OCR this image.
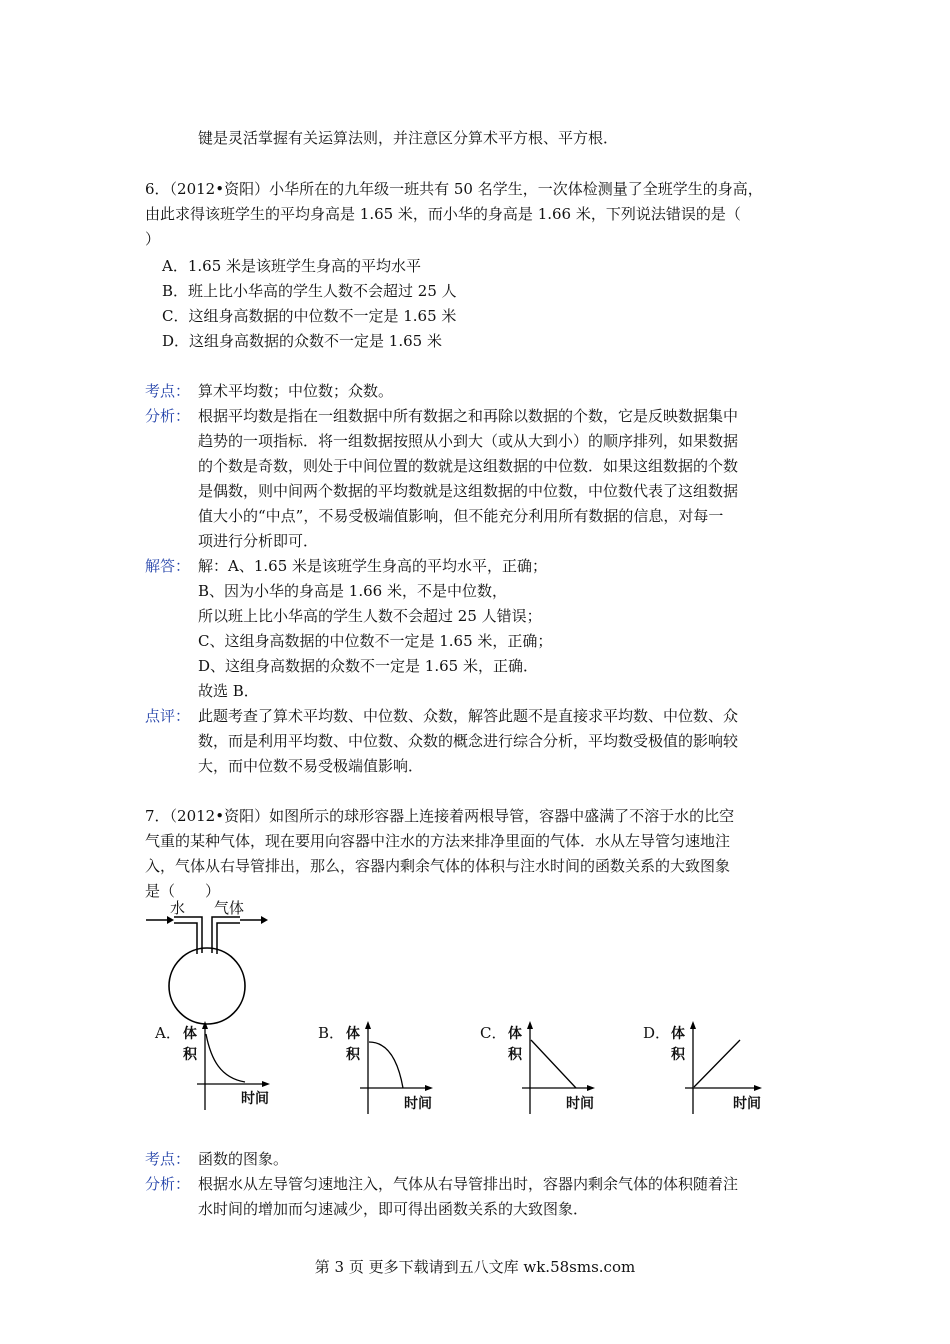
键是灵活掌握有关运算法则，并注意区分算术平方根、平方根．
6．（2012•资阳）小华所在的九年级一班共有 50 名学生，一次体检测量了全班学生的身高，
由此求得该班学生的平均身高是 1.65 米，而小华的身高是 1.66 米，下列说法错误的是（
）
A．1.65 米是该班学生身高的平均水平
B．班上比小华高的学生人数不会超过 25 人
C．这组身高数据的中位数不一定是 1.65 米
D．这组身高数据的众数不一定是 1.65 米
考点： 算术平均数；中位数；众数。
分析： 根据平均数是指在一组数据中所有数据之和再除以数据的个数，它是反映数据集中
趋势的一项指标．将一组数据按照从小到大（或从大到小）的顺序排列，如果数据
的个数是奇数，则处于中间位置的数就是这组数据的中位数．如果这组数据的个数
是偶数，则中间两个数据的平均数就是这组数据的中位数，中位数代表了这组数据
值大小的“中点”，不易受极端值影响，但不能充分利用所有数据的信息，对每一
项进行分析即可．
解答： 解：A、1.65 米是该班学生身高的平均水平，正确；
B、因为小华的身高是 1.66 米，不是中位数，
所以班上比小华高的学生人数不会超过 25 人错误；
C、这组身高数据的中位数不一定是 1.65 米，正确；
D、这组身高数据的众数不一定是 1.65 米，正确．
故选 B．
点评： 此题考查了算术平均数、中位数、众数，解答此题不是直接求平均数、中位数、众
数，而是利用平均数、中位数、众数的概念进行综合分析，平均数受极值的影响较
大，而中位数不易受极端值影响．
7．（2012•资阳）如图所示的球形容器上连接着两根导管，容器中盛满了不溶于水的比空
气重的某种气体，现在要用向容器中注水的方法来排净里面的气体．水从左导管匀速地注
入，气体从右导管排出，那么，容器内剩余气体的体积与注水时间的函数关系的大致图象
是（　　）
水 气体
A． 体
积
时间
B． 体
积
时间
C． 体
积
时间
D． 体
积
时间
考点： 函数的图象。
分析： 根据水从左导管匀速地注入，气体从右导管排出时，容器内剩余气体的体积随着注
水时间的增加而匀速减少，即可得出函数关系的大致图象．
第 3 页 更多下载请到五八文库 wk.58sms.com
